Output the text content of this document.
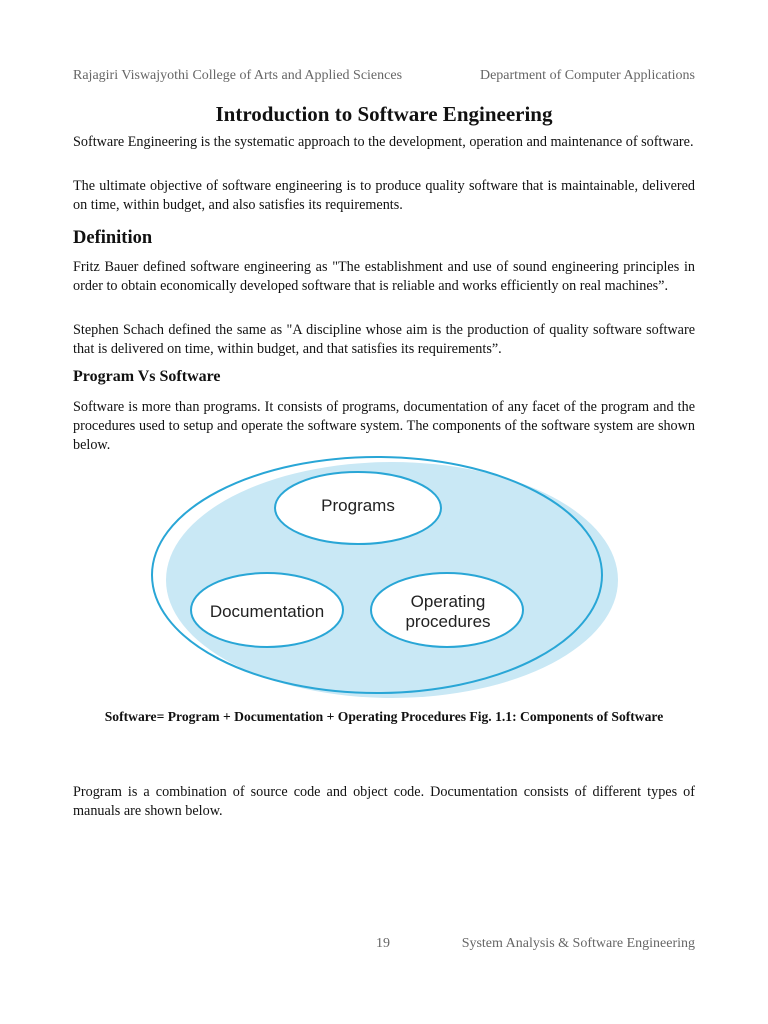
Rajagiri Viswajyothi College of Arts and Applied Sciences	Department of Computer Applications
Introduction to Software Engineering

Software Engineering is the systematic approach to the development, operation and maintenance of software.

The ultimate objective of software engineering is to produce quality software that is maintainable, delivered on time, within budget, and also satisfies its requirements.

Definition

Fritz Bauer defined software engineering as "The establishment and use of sound engineering principles in order to obtain economically developed software that is reliable and works efficiently on real machines”.

Stephen Schach defined the same as "A discipline whose aim is the production of quality software software that is delivered on time, within budget, and that satisfies its requirements”.

Program Vs Software

Software is more than programs. It consists of programs, documentation of any facet of the program and the procedures used to setup and operate the software system. The components of the software system are shown below.

Programs
Documentation
Operating
procedures

Software= Program + Documentation + Operating Procedures Fig. 1.1: Components of Software

Program is a combination of source code and object code. Documentation consists of different types of manuals are shown below.

19	System Analysis & Software Engineering
